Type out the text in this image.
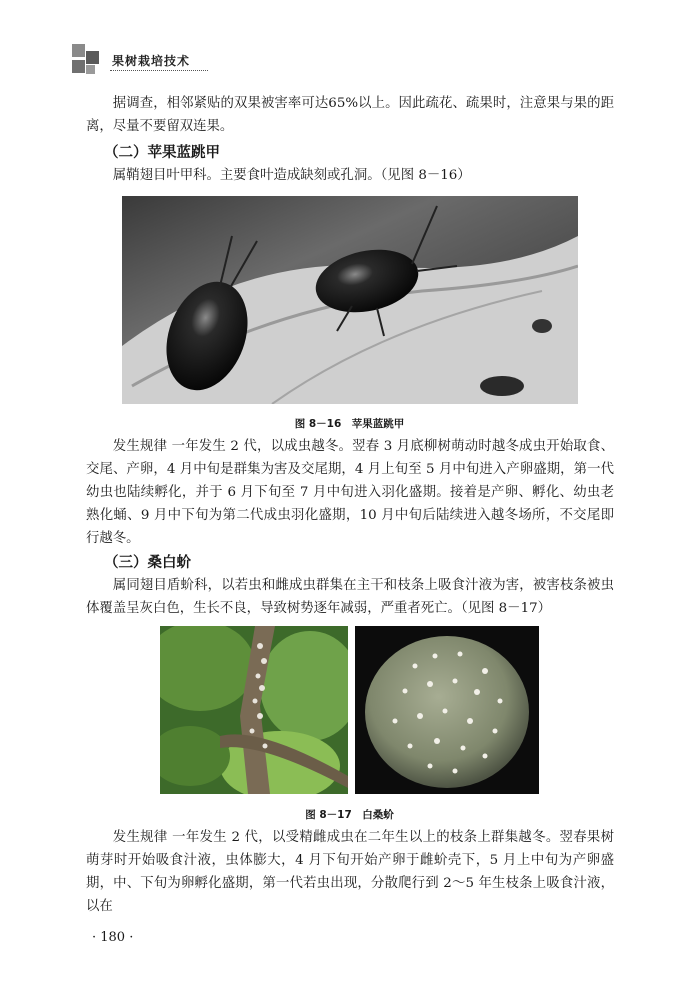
果树栽培技术

据调查，相邻紧贴的双果被害率可达65%以上。因此疏花、疏果时，注意果与果的距离，尽量不要留双连果。

（二）苹果蓝跳甲

属鞘翅目叶甲科。主要食叶造成缺刻或孔洞。（见图 8－16）

图 8－16　苹果蓝跳甲

发生规律 一年发生 2 代，以成虫越冬。翌春 3 月底柳树萌动时越冬成虫开始取食、交尾、产卵，4 月中旬是群集为害及交尾期，4 月上旬至 5 月中旬进入产卵盛期，第一代幼虫也陆续孵化，并于 6 月下旬至 7 月中旬进入羽化盛期。接着是产卵、孵化、幼虫老熟化蛹、9 月中下旬为第二代成虫羽化盛期，10 月中旬后陆续进入越冬场所，不交尾即行越冬。

（三）桑白蚧

属同翅目盾蚧科，以若虫和雌成虫群集在主干和枝条上吸食汁液为害，被害枝条被虫体覆盖呈灰白色，生长不良，导致树势逐年减弱，严重者死亡。（见图 8－17）

图 8－17　白桑蚧

发生规律 一年发生 2 代，以受精雌成虫在二年生以上的枝条上群集越冬。翌春果树萌芽时开始吸食汁液，虫体膨大，4 月下旬开始产卵于雌蚧壳下，5 月上中旬为产卵盛期，中、下旬为卵孵化盛期，第一代若虫出现，分散爬行到 2～5 年生枝条上吸食汁液，以在

· 180 ·
